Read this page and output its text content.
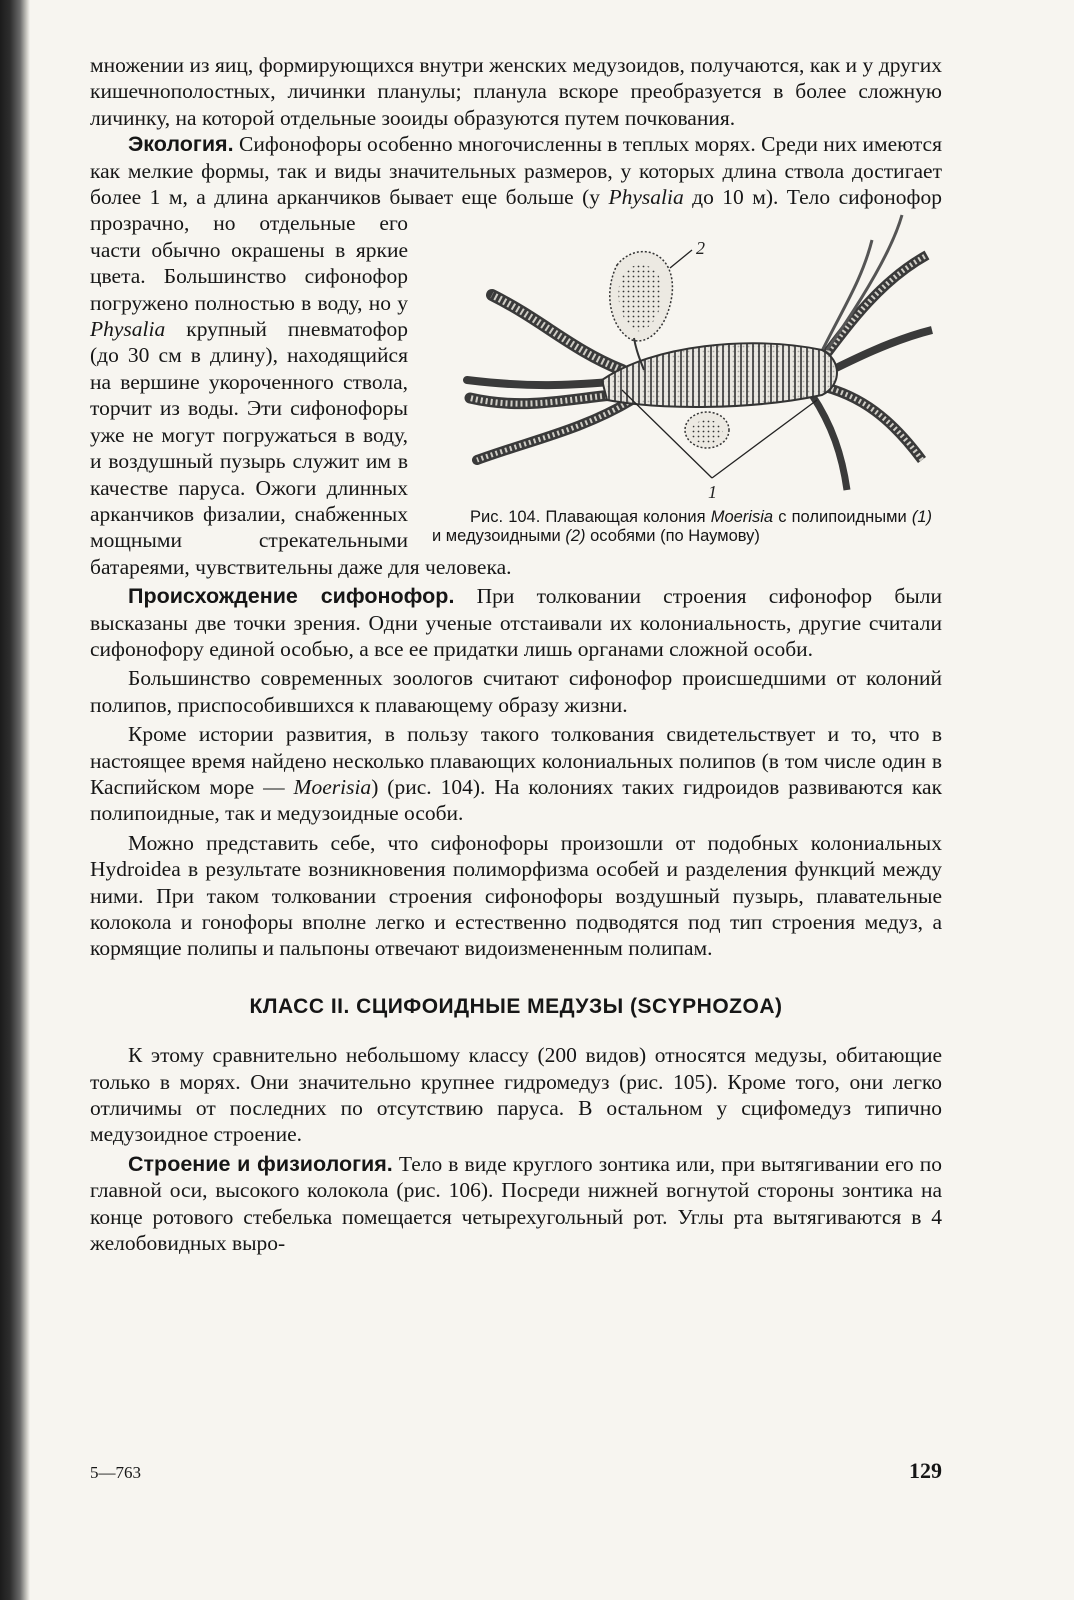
множении из яиц, формирующихся внутри женских медузоидов, получаются, как и у других кишечнополостных, личинки планулы; планула вскоре преобразуется в более сложную личинку, на которой отдельные зооиды образуются путем почкования.

Экология. Сифонофоры особенно многочисленны в теплых морях. Среди них имеются как мелкие формы, так и виды значительных размеров, у которых длина ствола достигает более 1 м, а длина арканчиков бывает еще больше (у
2
1
Рис. 104. Плавающая колония Moerisia с полипоидными (1) и медузоидными (2) особями (по Наумову)
Physalia до 10 м). Тело сифонофор прозрачно, но отдельные его части обычно окрашены в яркие цвета. Большинство сифонофор погружено полностью в воду, но у Physalia крупный пневматофор (до 30 см в длину), находящийся на вершине укороченного ствола, торчит из воды. Эти сифонофоры уже не могут погружаться в воду, и воздушный пузырь служит им в качестве паруса. Ожоги длинных арканчиков физалии, снабженных мощными стрекательными батареями, чувствительны даже для человека.

Происхождение сифонофор. При толковании строения сифонофор были высказаны две точки зрения. Одни ученые отстаивали их колониальность, другие считали сифонофору единой особью, а все ее придатки лишь органами сложной особи.

Большинство современных зоологов считают сифонофор происшедшими от колоний полипов, приспособившихся к плавающему образу жизни.

Кроме истории развития, в пользу такого толкования свидетельствует и то, что в настоящее время найдено несколько плавающих колониальных полипов (в том числе один в Каспийском море — Moerisia) (рис. 104). На колониях таких гидроидов развиваются как полипоидные, так и медузоидные особи.

Можно представить себе, что сифонофоры произошли от подобных колониальных Hydroidea в результате возникновения полиморфизма особей и разделения функций между ними. При таком толковании строения сифонофоры воздушный пузырь, плавательные колокола и гонофоры вполне легко и естественно подводятся под тип строения медуз, а кормящие полипы и пальпоны отвечают видоизмененным полипам.

КЛАСС II. СЦИФОИДНЫЕ МЕДУЗЫ (SCYPHOZOA)

К этому сравнительно небольшому классу (200 видов) относятся медузы, обитающие только в морях. Они значительно крупнее гидромедуз (рис. 105). Кроме того, они легко отличимы от последних по отсутствию паруса. В остальном у сцифомедуз типично медузоидное строение.

Строение и физиология. Тело в виде круглого зонтика или, при вытягивании его по главной оси, высокого колокола (рис. 106). Посреди нижней вогнутой стороны зонтика на конце ротового стебелька помещается четырехугольный рот. Углы рта вытягиваются в 4 желобовидных выро-

5—763	129
